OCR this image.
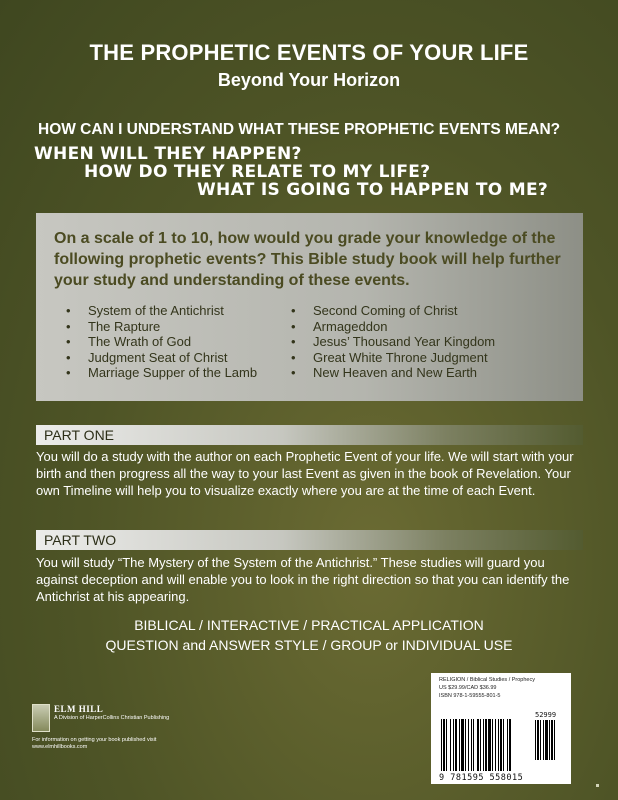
THE PROPHETIC EVENTS OF YOUR LIFE
Beyond Your Horizon
HOW CAN I UNDERSTAND WHAT THESE PROPHETIC EVENTS MEAN?
WHEN WILL THEY HAPPEN?
HOW DO THEY RELATE TO MY LIFE?
WHAT IS GOING TO HAPPEN TO ME?
On a scale of 1 to 10, how would you grade your knowledge of the following prophetic events? This Bible study book will help further your study and understanding of these events.
• System of the Antichrist
• The Rapture
• The Wrath of God
• Judgment Seat of Christ
• Marriage Supper of the Lamb
• Second Coming of Christ
• Armageddon
• Jesus’ Thousand Year Kingdom
• Great White Throne Judgment
• New Heaven and New Earth
PART ONE
You will do a study with the author on each Prophetic Event of your life. We will start with your birth and then progress all the way to your last Event as given in the book of Revelation. Your own Timeline will help you to visualize exactly where you are at the time of each Event.
PART TWO
You will study “The Mystery of the System of the Antichrist.” These studies will guard you against deception and will enable you to look in the right direction so that you can identify the Antichrist at his appearing.
BIBLICAL / INTERACTIVE / PRACTICAL APPLICATION
QUESTION and ANSWER STYLE / GROUP or INDIVIDUAL USE
ELM HILL
A Division of HarperCollins Christian Publishing
For information on getting your book published visit www.elmhillbooks.com
RELIGION / Biblical Studies / Prophecy
US $29.99/CAD $36.99
ISBN 978-1-59555-801-5
52999
9 781595 558015
